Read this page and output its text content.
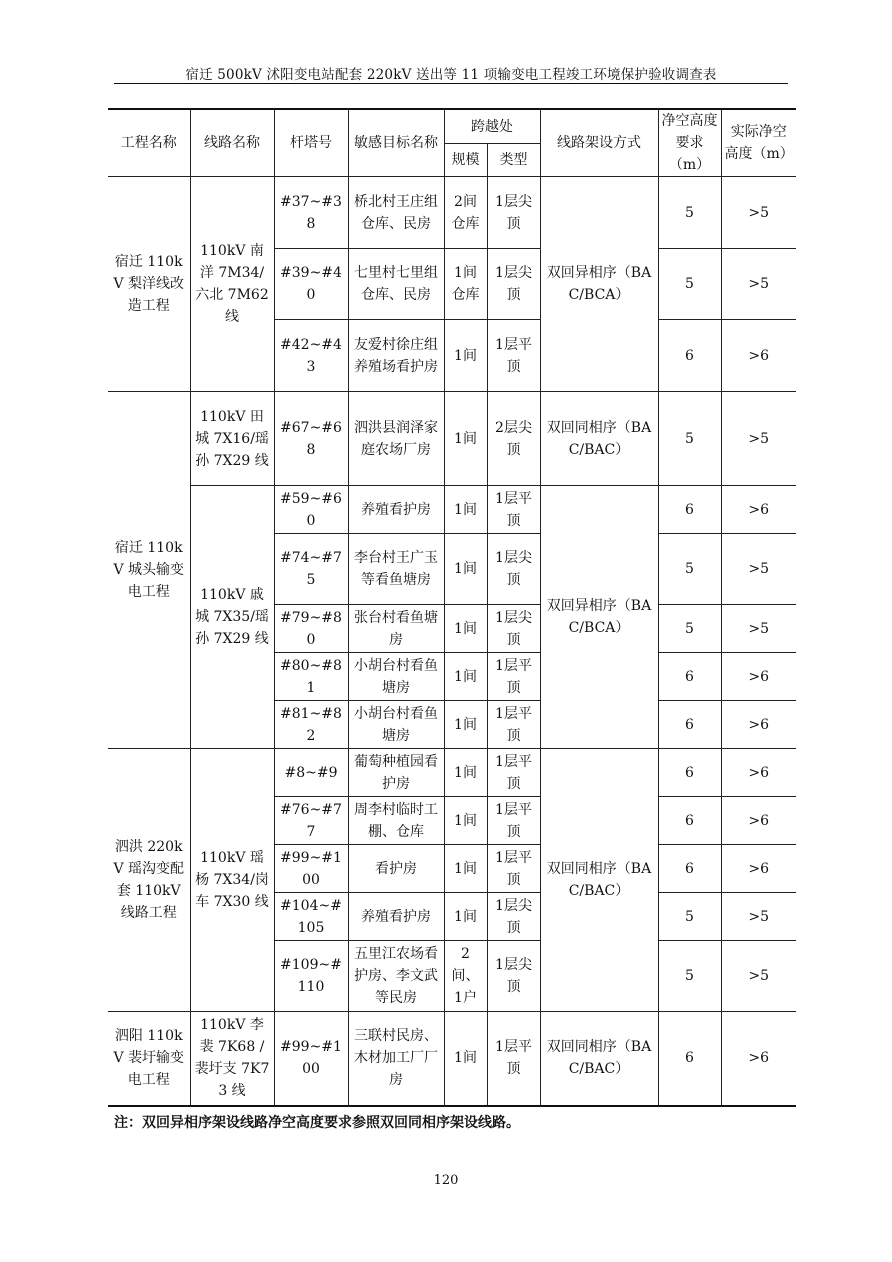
宿迁 500kV 沭阳变电站配套 220kV 送出等 11 项输变电工程竣工环境保护验收调查表
工程名称	线路名称	杆塔号	敏感目标名称	跨越处		线路架设方式	净空高度要求（m）	实际净空高度（m）
				规模	类型			
宿迁 110kV 梨洋线改造工程	110kV 南洋 7M34/六北 7M62 线	#37~#38	桥北村王庄组仓库、民房	2间仓库	1层尖顶	双回异相序（BAC/BCA）	5	>5
		#39~#40	七里村七里组仓库、民房	1间仓库	1层尖顶		5	>5
		#42~#43	友爱村徐庄组养殖场看护房	1间	1层平顶		6	>6
宿迁 110kV 城头输变电工程	110kV 田城 7X16/瑶孙 7X29 线	#67~#68	泗洪县润泽家庭农场厂房	1间	2层尖顶	双回同相序（BAC/BAC）	5	>5
	110kV 戚城 7X35/瑶孙 7X29 线	#59~#60	养殖看护房	1间	1层平顶	双回异相序（BAC/BCA）	6	>6
		#74~#75	李台村王广玉等看鱼塘房	1间	1层尖顶		5	>5
		#79~#80	张台村看鱼塘房	1间	1层尖顶		5	>5
		#80~#81	小胡台村看鱼塘房	1间	1层平顶		6	>6
		#81~#82	小胡台村看鱼塘房	1间	1层平顶		6	>6
泗洪 220kV 瑶沟变配套 110kV 线路工程	110kV 瑶杨 7X34/岗车 7X30 线	#8~#9	葡萄种植园看护房	1间	1层平顶	双回同相序（BAC/BAC）	6	>6
		#76~#77	周李村临时工棚、仓库	1间	1层平顶		6	>6
		#99~#100	看护房	1间	1层平顶		6	>6
		#104~#105	养殖看护房	1间	1层尖顶		5	>5
		#109~#110	五里江农场看护房、李文武等民房	2间、1户	1层尖顶		5	>5
泗阳 110kV 裴圩输变电工程	110kV 李裴 7K68 / 裴圩支 7K73 线	#99~#100	三联村民房、木材加工厂厂房	1间	1层平顶	双回同相序（BAC/BAC）	6	>6
注：双回异相序架设线路净空高度要求参照双回同相序架设线路。
120
